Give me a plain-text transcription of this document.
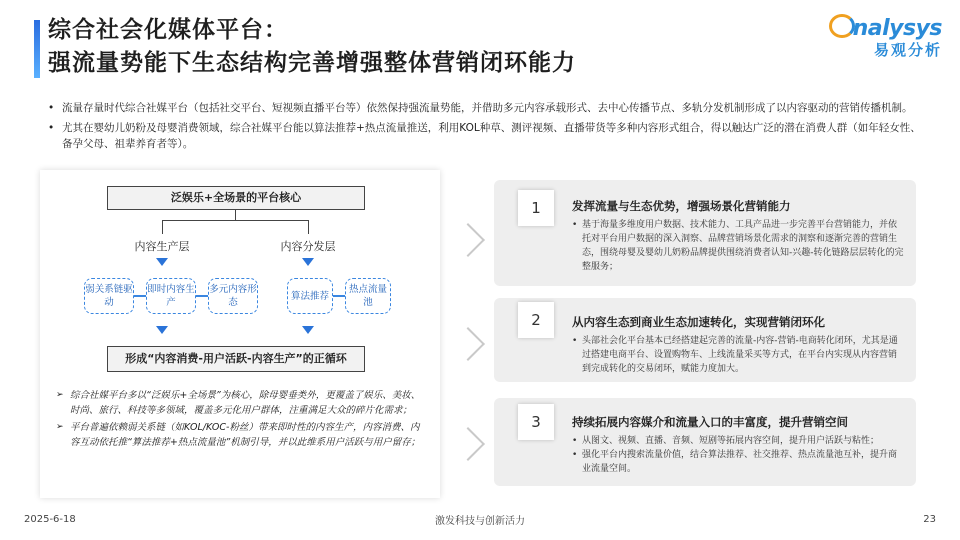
综合社会化媒体平台：
强流量势能下生态结构完善增强整体营销闭环能力
nalysys
易观分析
• 流量存量时代综合社媒平台（包括社交平台、短视频直播平台等）依然保持强流量势能，并借助多元内容承载形式、去中心传播节点、多轨分发机制形成了以内容驱动的营销传播机制。
• 尤其在婴幼儿奶粉及母婴消费领域，综合社媒平台能以算法推荐+热点流量推送，利用KOL种草、测评视频、直播带货等多种内容形式组合，得以触达广泛的潜在消费人群（如年轻女性、备孕父母、祖辈养育者等）。
泛娱乐+全场景的平台核心
内容生产层	内容分发层
弱关系链驱动
即时内容生产
多元内容形态
算法推荐
热点流量池
形成“内容消费-用户活跃-内容生产”的正循环
➢ 综合社媒平台多以“泛娱乐+全场景”为核心，除母婴垂类外，更覆盖了娱乐、美妆、时尚、旅行、科技等多领域，覆盖多元化用户群体，注重满足大众的碎片化需求；
➢ 平台普遍依赖弱关系链（如KOL/KOC-粉丝）带来即时性的内容生产，内容消费、内容互动依托推“算法推荐+热点流量池”机制引导，并以此维系用户活跃与用户留存；
1	发挥流量与生态优势，增强场景化营销能力
• 基于海量多维度用户数据、技术能力、工具产品进一步完善平台营销能力，并依托对平台用户数据的深入洞察、品牌营销场景化需求的洞察和逐渐完善的营销生态，围绕母婴及婴幼儿奶粉品牌提供围绕消费者认知-兴趣-转化链路层层转化的完整服务；
2	从内容生态到商业生态加速转化，实现营销闭环化
• 头部社会化平台基本已经搭建起完善的流量-内容-营销-电商转化闭环，尤其是通过搭建电商平台、设置购物车、上线流量采买等方式，在平台内实现从内容营销到完成转化的交易闭环，赋能力度加大。
3	持续拓展内容媒介和流量入口的丰富度，提升营销空间
• 从图文、视频、直播、音频、短剧等拓展内容空间，提升用户活跃与粘性；
• 强化平台内搜索流量价值，结合算法推荐、社交推荐、热点流量池互补，提升商业流量空间。
2025-6-18	激发科技与创新活力	23
